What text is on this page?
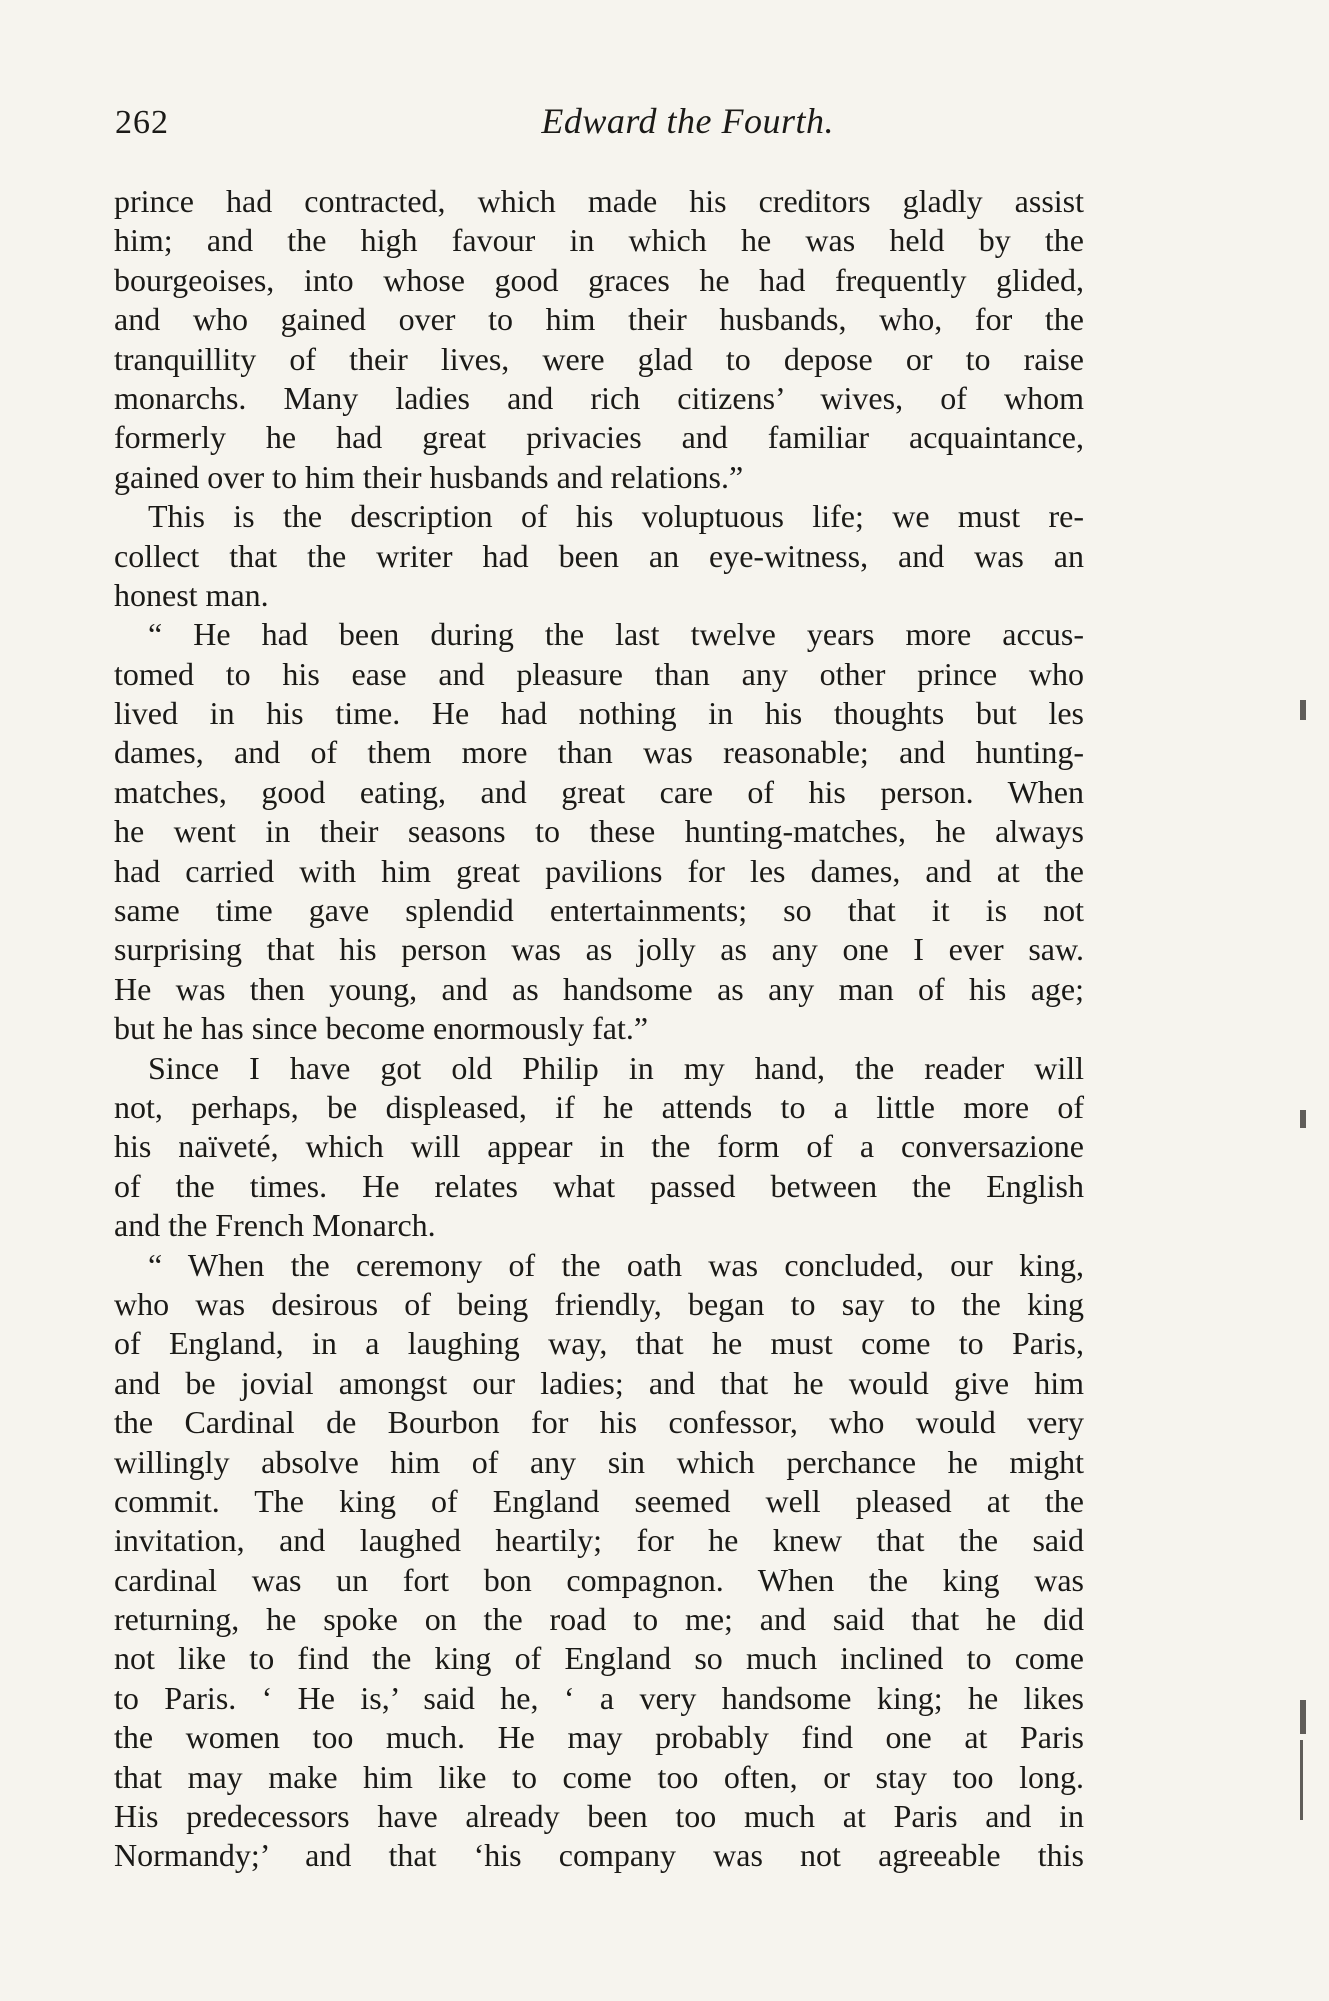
262	Edward the Fourth.
prince had contracted, which made his creditors gladly assist
him; and the high favour in which he was held by the
bourgeoises, into whose good graces he had frequently glided,
and who gained over to him their husbands, who, for the
tranquillity of their lives, were glad to depose or to raise
monarchs. Many ladies and rich citizens’ wives, of whom
formerly he had great privacies and familiar acquaintance,
gained over to him their husbands and relations.”
This is the description of his voluptuous life; we must re-
collect that the writer had been an eye-witness, and was an
honest man.
“ He had been during the last twelve years more accus-
tomed to his ease and pleasure than any other prince who
lived in his time. He had nothing in his thoughts but les
dames, and of them more than was reasonable; and hunting-
matches, good eating, and great care of his person. When
he went in their seasons to these hunting-matches, he always
had carried with him great pavilions for les dames, and at the
same time gave splendid entertainments; so that it is not
surprising that his person was as jolly as any one I ever saw.
He was then young, and as handsome as any man of his age;
but he has since become enormously fat.”
Since I have got old Philip in my hand, the reader will
not, perhaps, be displeased, if he attends to a little more of
his naïveté, which will appear in the form of a conversazione
of the times. He relates what passed between the English
and the French Monarch.
“ When the ceremony of the oath was concluded, our king,
who was desirous of being friendly, began to say to the king
of England, in a laughing way, that he must come to Paris,
and be jovial amongst our ladies; and that he would give him
the Cardinal de Bourbon for his confessor, who would very
willingly absolve him of any sin which perchance he might
commit. The king of England seemed well pleased at the
invitation, and laughed heartily; for he knew that the said
cardinal was un fort bon compagnon. When the king was
returning, he spoke on the road to me; and said that he did
not like to find the king of England so much inclined to come
to Paris. ‘ He is,’ said he, ‘ a very handsome king; he likes
the women too much. He may probably find one at Paris
that may make him like to come too often, or stay too long.
His predecessors have already been too much at Paris and in
Normandy;’ and that ‘his company was not agreeable this
